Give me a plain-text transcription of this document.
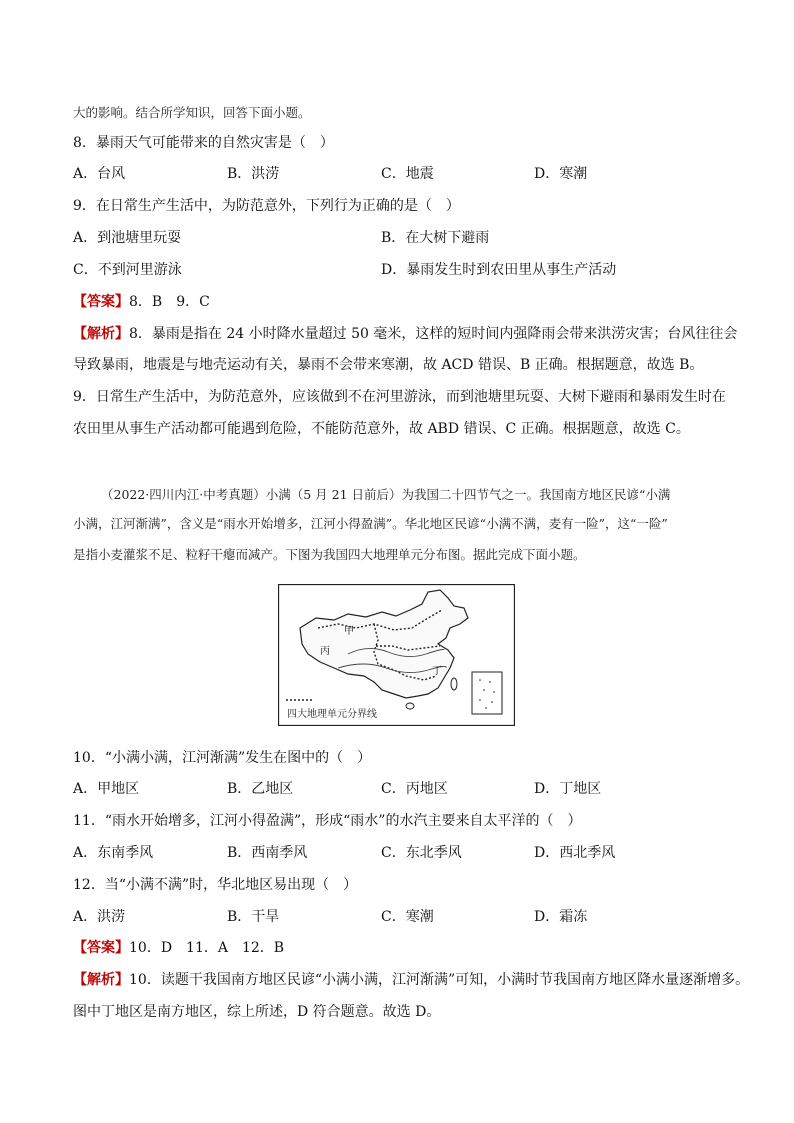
大的影响。结合所学知识，回答下面小题。
8．暴雨天气可能带来的自然灾害是（　）
A．台风	B．洪涝	C．地震	D．寒潮
9．在日常生产生活中，为防范意外，下列行为正确的是（　）
A．到池塘里玩耍	B．在大树下避雨
C．不到河里游泳	D．暴雨发生时到农田里从事生产活动
【答案】8．B　9．C
【解析】8．暴雨是指在 24 小时降水量超过 50 毫米，这样的短时间内强降雨会带来洪涝灾害；台风往往会
导致暴雨，地震是与地壳运动有关，暴雨不会带来寒潮，故 ACD 错误、B 正确。根据题意，故选 B。
9．日常生产生活中，为防范意外，应该做到不在河里游泳，而到池塘里玩耍、大树下避雨和暴雨发生时在
农田里从事生产活动都可能遇到危险，不能防范意外，故 ABD 错误、C 正确。根据题意，故选 C。
（2022·四川内江·中考真题）小满（5 月 21 日前后）为我国二十四节气之一。我国南方地区民谚“小满
小满，江河渐满”，含义是“雨水开始增多，江河小得盈满”。华北地区民谚“小满不满，麦有一险”，这“一险”
是指小麦灌浆不足、粒籽干瘪而减产。下图为我国四大地理单元分布图。据此完成下面小题。
甲
丙
丁
四大地理单元分界线
10．“小满小满，江河渐满”发生在图中的（　）
A．甲地区	B．乙地区	C．丙地区	D．丁地区
11．“雨水开始增多，江河小得盈满”，形成“雨水”的水汽主要来自太平洋的（　）
A．东南季风	B．西南季风	C．东北季风	D．西北季风
12．当“小满不满”时，华北地区易出现（　）
A．洪涝	B．干旱	C．寒潮	D．霜冻
【答案】10．D　11．A　12．B
【解析】10．读题干我国南方地区民谚“小满小满，江河渐满”可知，小满时节我国南方地区降水量逐渐增多。
图中丁地区是南方地区，综上所述，D 符合题意。故选 D。
